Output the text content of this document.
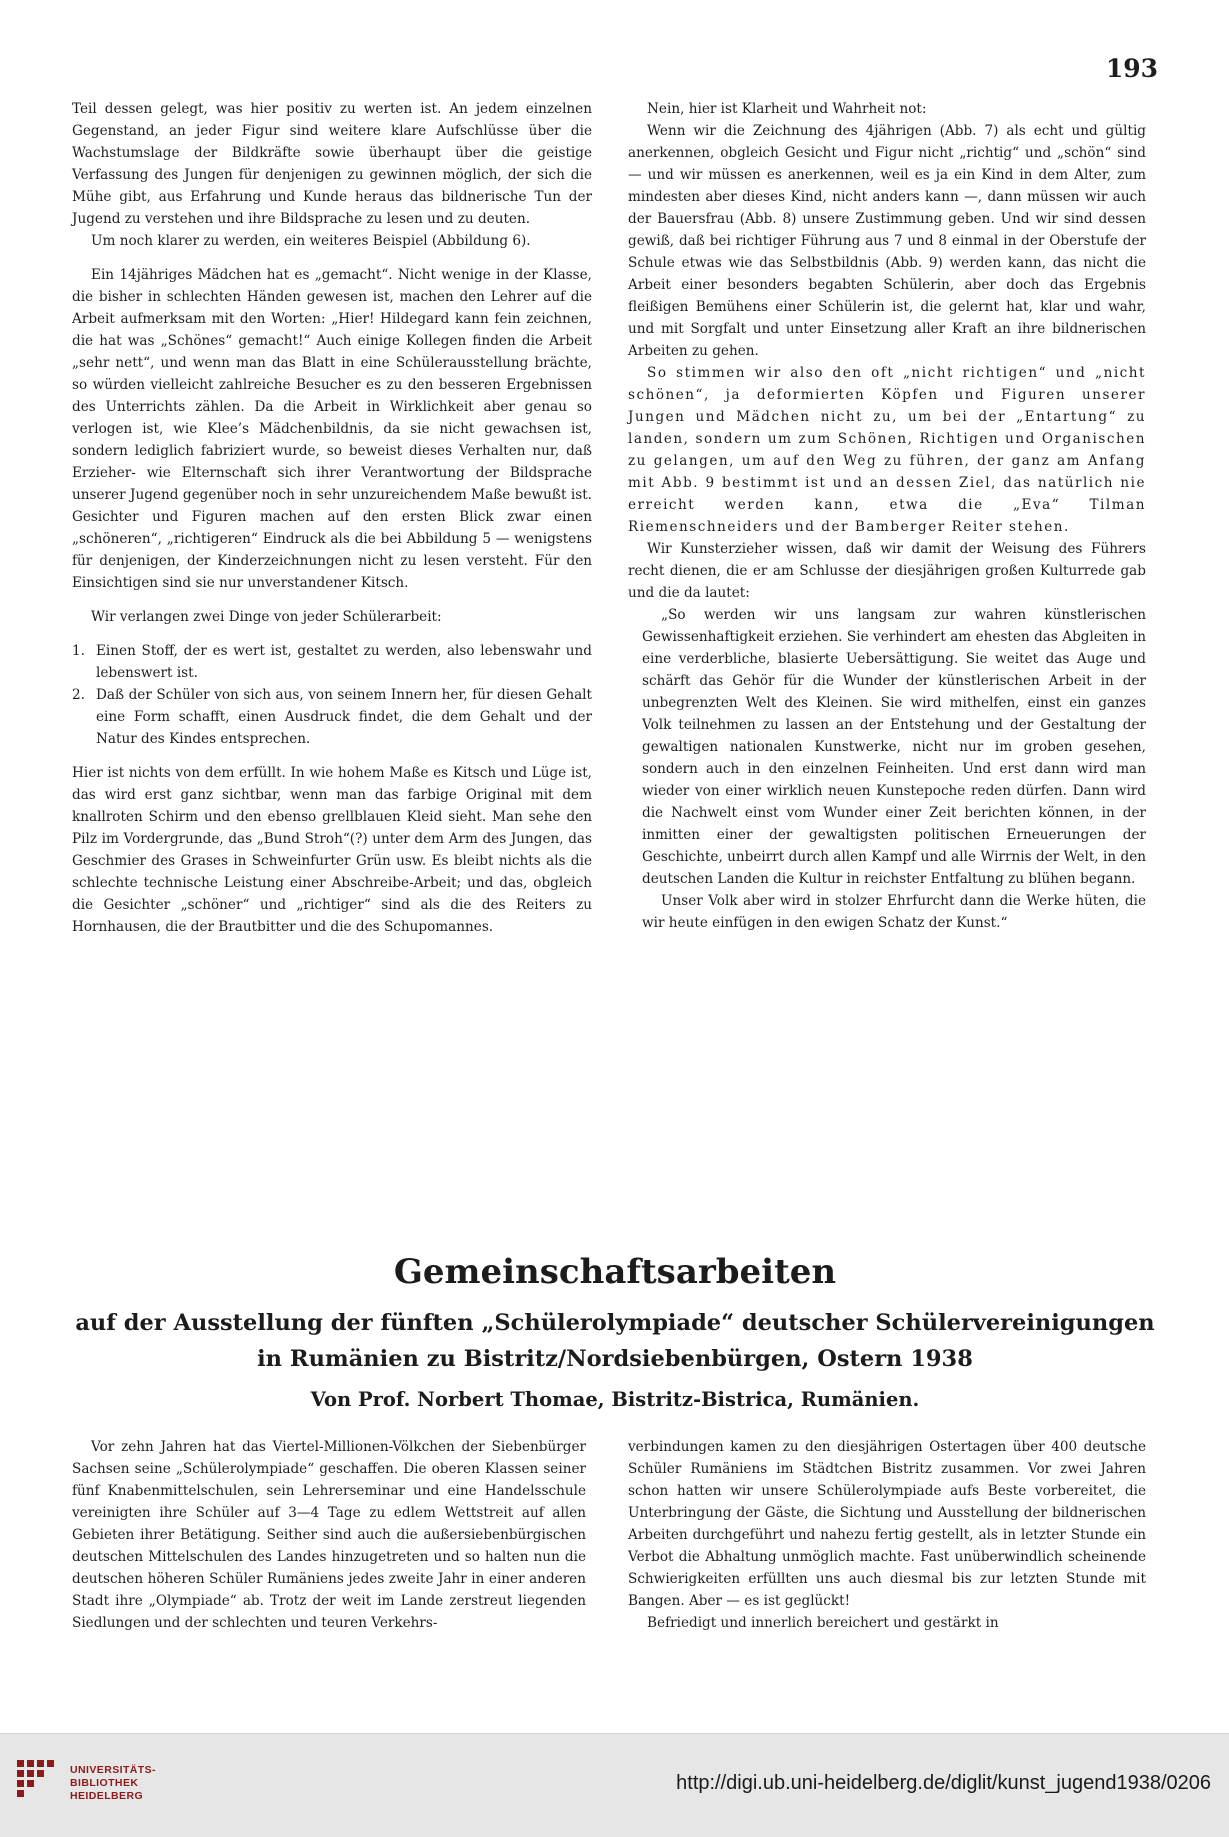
193

Teil dessen gelegt, was hier positiv zu werten ist. An jedem einzelnen Gegenstand, an jeder Figur sind weitere klare Aufschlüsse über die Wachstumslage der Bildkräfte sowie überhaupt über die geistige Verfassung des Jungen für denjenigen zu gewinnen möglich, der sich die Mühe gibt, aus Erfahrung und Kunde heraus das bildnerische Tun der Jugend zu verstehen und ihre Bildsprache zu lesen und zu deuten.

Um noch klarer zu werden, ein weiteres Beispiel (Abbildung 6).

Ein 14jähriges Mädchen hat es „gemacht“. Nicht wenige in der Klasse, die bisher in schlechten Händen gewesen ist, machen den Lehrer auf die Arbeit aufmerksam mit den Worten: „Hier! Hildegard kann fein zeichnen, die hat was „Schönes“ gemacht!“ Auch einige Kollegen finden die Arbeit „sehr nett“, und wenn man das Blatt in eine Schülerausstellung brächte, so würden vielleicht zahlreiche Besucher es zu den besseren Ergebnissen des Unterrichts zählen. Da die Arbeit in Wirklichkeit aber genau so verlogen ist, wie Klee’s Mädchenbildnis, da sie nicht gewachsen ist, sondern lediglich fabriziert wurde, so beweist dieses Verhalten nur, daß Erzieher- wie Elternschaft sich ihrer Verantwortung der Bildsprache unserer Jugend gegenüber noch in sehr unzureichendem Maße bewußt ist. Gesichter und Figuren machen auf den ersten Blick zwar einen „schöneren“, „richtigeren“ Eindruck als die bei Abbildung 5 — wenigstens für denjenigen, der Kinderzeichnungen nicht zu lesen versteht. Für den Einsichtigen sind sie nur unverstandener Kitsch.

Wir verlangen zwei Dinge von jeder Schülerarbeit:

1. Einen Stoff, der es wert ist, gestaltet zu werden, also lebenswahr und lebenswert ist.
2. Daß der Schüler von sich aus, von seinem Innern her, für diesen Gehalt eine Form schafft, einen Ausdruck findet, die dem Gehalt und der Natur des Kindes entsprechen.

Hier ist nichts von dem erfüllt. In wie hohem Maße es Kitsch und Lüge ist, das wird erst ganz sichtbar, wenn man das farbige Original mit dem knallroten Schirm und den ebenso grellblauen Kleid sieht. Man sehe den Pilz im Vordergrunde, das „Bund Stroh“(?) unter dem Arm des Jungen, das Geschmier des Grases in Schweinfurter Grün usw. Es bleibt nichts als die schlechte technische Leistung einer Abschreibe-Arbeit; und das, obgleich die Gesichter „schöner“ und „richtiger“ sind als die des Reiters zu Hornhausen, die der Brautbitter und die des Schupomannes.

Nein, hier ist Klarheit und Wahrheit not:

Wenn wir die Zeichnung des 4jährigen (Abb. 7) als echt und gültig anerkennen, obgleich Gesicht und Figur nicht „richtig“ und „schön“ sind — und wir müssen es anerkennen, weil es ja ein Kind in dem Alter, zum mindesten aber dieses Kind, nicht anders kann —, dann müssen wir auch der Bauersfrau (Abb. 8) unsere Zustimmung geben. Und wir sind dessen gewiß, daß bei richtiger Führung aus 7 und 8 einmal in der Oberstufe der Schule etwas wie das Selbstbildnis (Abb. 9) werden kann, das nicht die Arbeit einer besonders begabten Schülerin, aber doch das Ergebnis fleißigen Bemühens einer Schülerin ist, die gelernt hat, klar und wahr, und mit Sorgfalt und unter Einsetzung aller Kraft an ihre bildnerischen Arbeiten zu gehen.

So stimmen wir also den oft „nicht richtigen“ und „nicht schönen“, ja deformierten Köpfen und Figuren unserer Jungen und Mädchen nicht zu, um bei der „Entartung“ zu landen, sondern um zum Schönen, Richtigen und Organischen zu gelangen, um auf den Weg zu führen, der ganz am Anfang mit Abb. 9 bestimmt ist und an dessen Ziel, das natürlich nie erreicht werden kann, etwa die „Eva“ Tilman Riemenschneiders und der Bamberger Reiter stehen.

Wir Kunsterzieher wissen, daß wir damit der Weisung des Führers recht dienen, die er am Schlusse der diesjährigen großen Kulturrede gab und die da lautet:

„So werden wir uns langsam zur wahren künstlerischen Gewissenhaftigkeit erziehen. Sie verhindert am ehesten das Abgleiten in eine verderbliche, blasierte Uebersättigung. Sie weitet das Auge und schärft das Gehör für die Wunder der künstlerischen Arbeit in der unbegrenzten Welt des Kleinen. Sie wird mithelfen, einst ein ganzes Volk teilnehmen zu lassen an der Entstehung und der Gestaltung der gewaltigen nationalen Kunstwerke, nicht nur im groben gesehen, sondern auch in den einzelnen Feinheiten. Und erst dann wird man wieder von einer wirklich neuen Kunstepoche reden dürfen. Dann wird die Nachwelt einst vom Wunder einer Zeit berichten können, in der inmitten einer der gewaltigsten politischen Erneuerungen der Geschichte, unbeirrt durch allen Kampf und alle Wirrnis der Welt, in den deutschen Landen die Kultur in reichster Entfaltung zu blühen begann.

Unser Volk aber wird in stolzer Ehrfurcht dann die Werke hüten, die wir heute einfügen in den ewigen Schatz der Kunst.“

Gemeinschaftsarbeiten
auf der Ausstellung der fünften „Schülerolympiade“ deutscher Schülervereinigungen
in Rumänien zu Bistritz/Nordsiebenbürgen, Ostern 1938
Von Prof. Norbert Thomae, Bistritz-Bistrica, Rumänien.

Vor zehn Jahren hat das Viertel-Millionen-Völkchen der Siebenbürger Sachsen seine „Schülerolympiade“ geschaffen. Die oberen Klassen seiner fünf Knabenmittelschulen, sein Lehrerseminar und eine Handelsschule vereinigten ihre Schüler auf 3—4 Tage zu edlem Wettstreit auf allen Gebieten ihrer Betätigung. Seither sind auch die außersiebenbürgischen deutschen Mittelschulen des Landes hinzugetreten und so halten nun die deutschen höheren Schüler Rumäniens jedes zweite Jahr in einer anderen Stadt ihre „Olympiade“ ab. Trotz der weit im Lande zerstreut liegenden Siedlungen und der schlechten und teuren Verkehrs-

verbindungen kamen zu den diesjährigen Ostertagen über 400 deutsche Schüler Rumäniens im Städtchen Bistritz zusammen. Vor zwei Jahren schon hatten wir unsere Schülerolympiade aufs Beste vorbereitet, die Unterbringung der Gäste, die Sichtung und Ausstellung der bildnerischen Arbeiten durchgeführt und nahezu fertig gestellt, als in letzter Stunde ein Verbot die Abhaltung unmöglich machte. Fast unüberwindlich scheinende Schwierigkeiten erfüllten uns auch diesmal bis zur letzten Stunde mit Bangen. Aber — es ist geglückt!

Befriedigt und innerlich bereichert und gestärkt in

UNIVERSITÄTS-
BIBLIOTHEK
HEIDELBERG
http://digi.ub.uni-heidelberg.de/diglit/kunst_jugend1938/0206
